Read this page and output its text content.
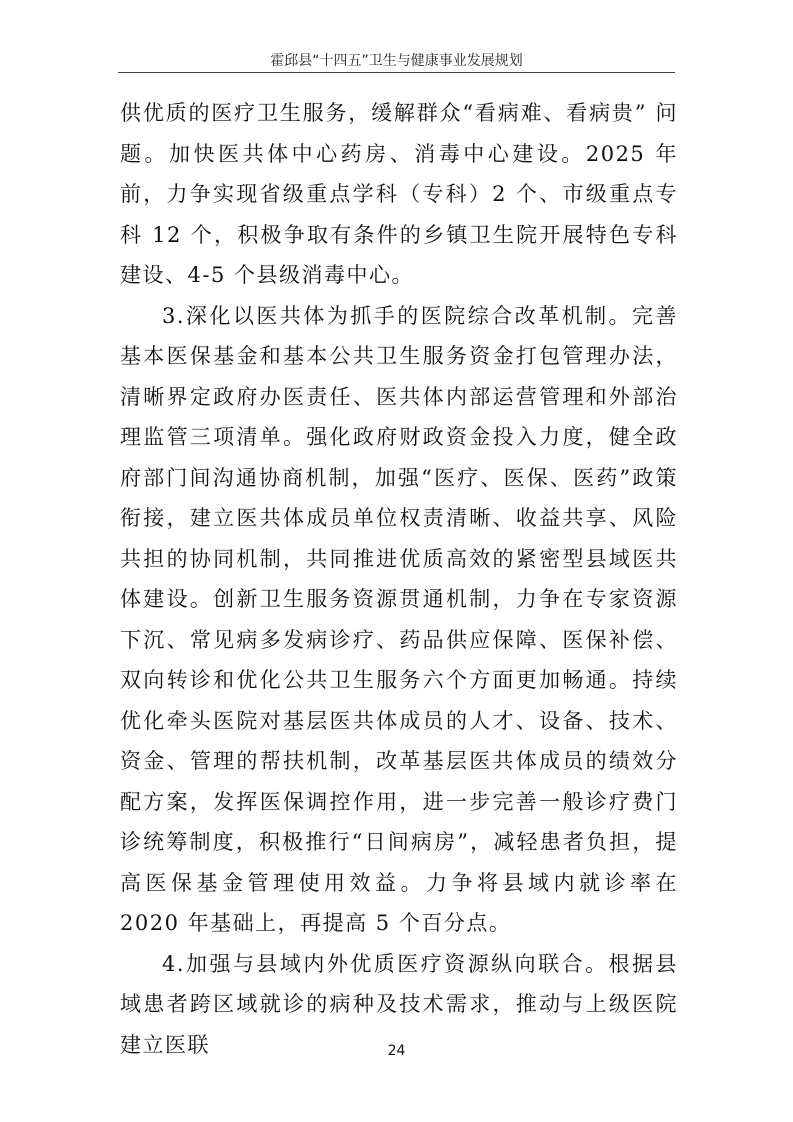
霍邱县“十四五”卫生与健康事业发展规划

供优质的医疗卫生服务，缓解群众“看病难、看病贵” 问题。加快医共体中心药房、消毒中心建设。2025 年前，力争实现省级重点学科（专科）2 个、市级重点专科 12 个，积极争取有条件的乡镇卫生院开展特色专科建设、4-5 个县级消毒中心。

3.深化以医共体为抓手的医院综合改革机制。完善基本医保基金和基本公共卫生服务资金打包管理办法，清晰界定政府办医责任、医共体内部运营管理和外部治理监管三项清单。强化政府财政资金投入力度，健全政府部门间沟通协商机制，加强“医疗、医保、医药”政策衔接，建立医共体成员单位权责清晰、收益共享、风险共担的协同机制，共同推进优质高效的紧密型县域医共体建设。创新卫生服务资源贯通机制，力争在专家资源下沉、常见病多发病诊疗、药品供应保障、医保补偿、双向转诊和优化公共卫生服务六个方面更加畅通。持续优化牵头医院对基层医共体成员的人才、设备、技术、资金、管理的帮扶机制，改革基层医共体成员的绩效分配方案，发挥医保调控作用，进一步完善一般诊疗费门诊统筹制度，积极推行“日间病房”，减轻患者负担，提高医保基金管理使用效益。力争将县域内就诊率在 2020 年基础上，再提高 5 个百分点。

4.加强与县域内外优质医疗资源纵向联合。根据县域患者跨区域就诊的病种及技术需求，推动与上级医院建立医联	24
